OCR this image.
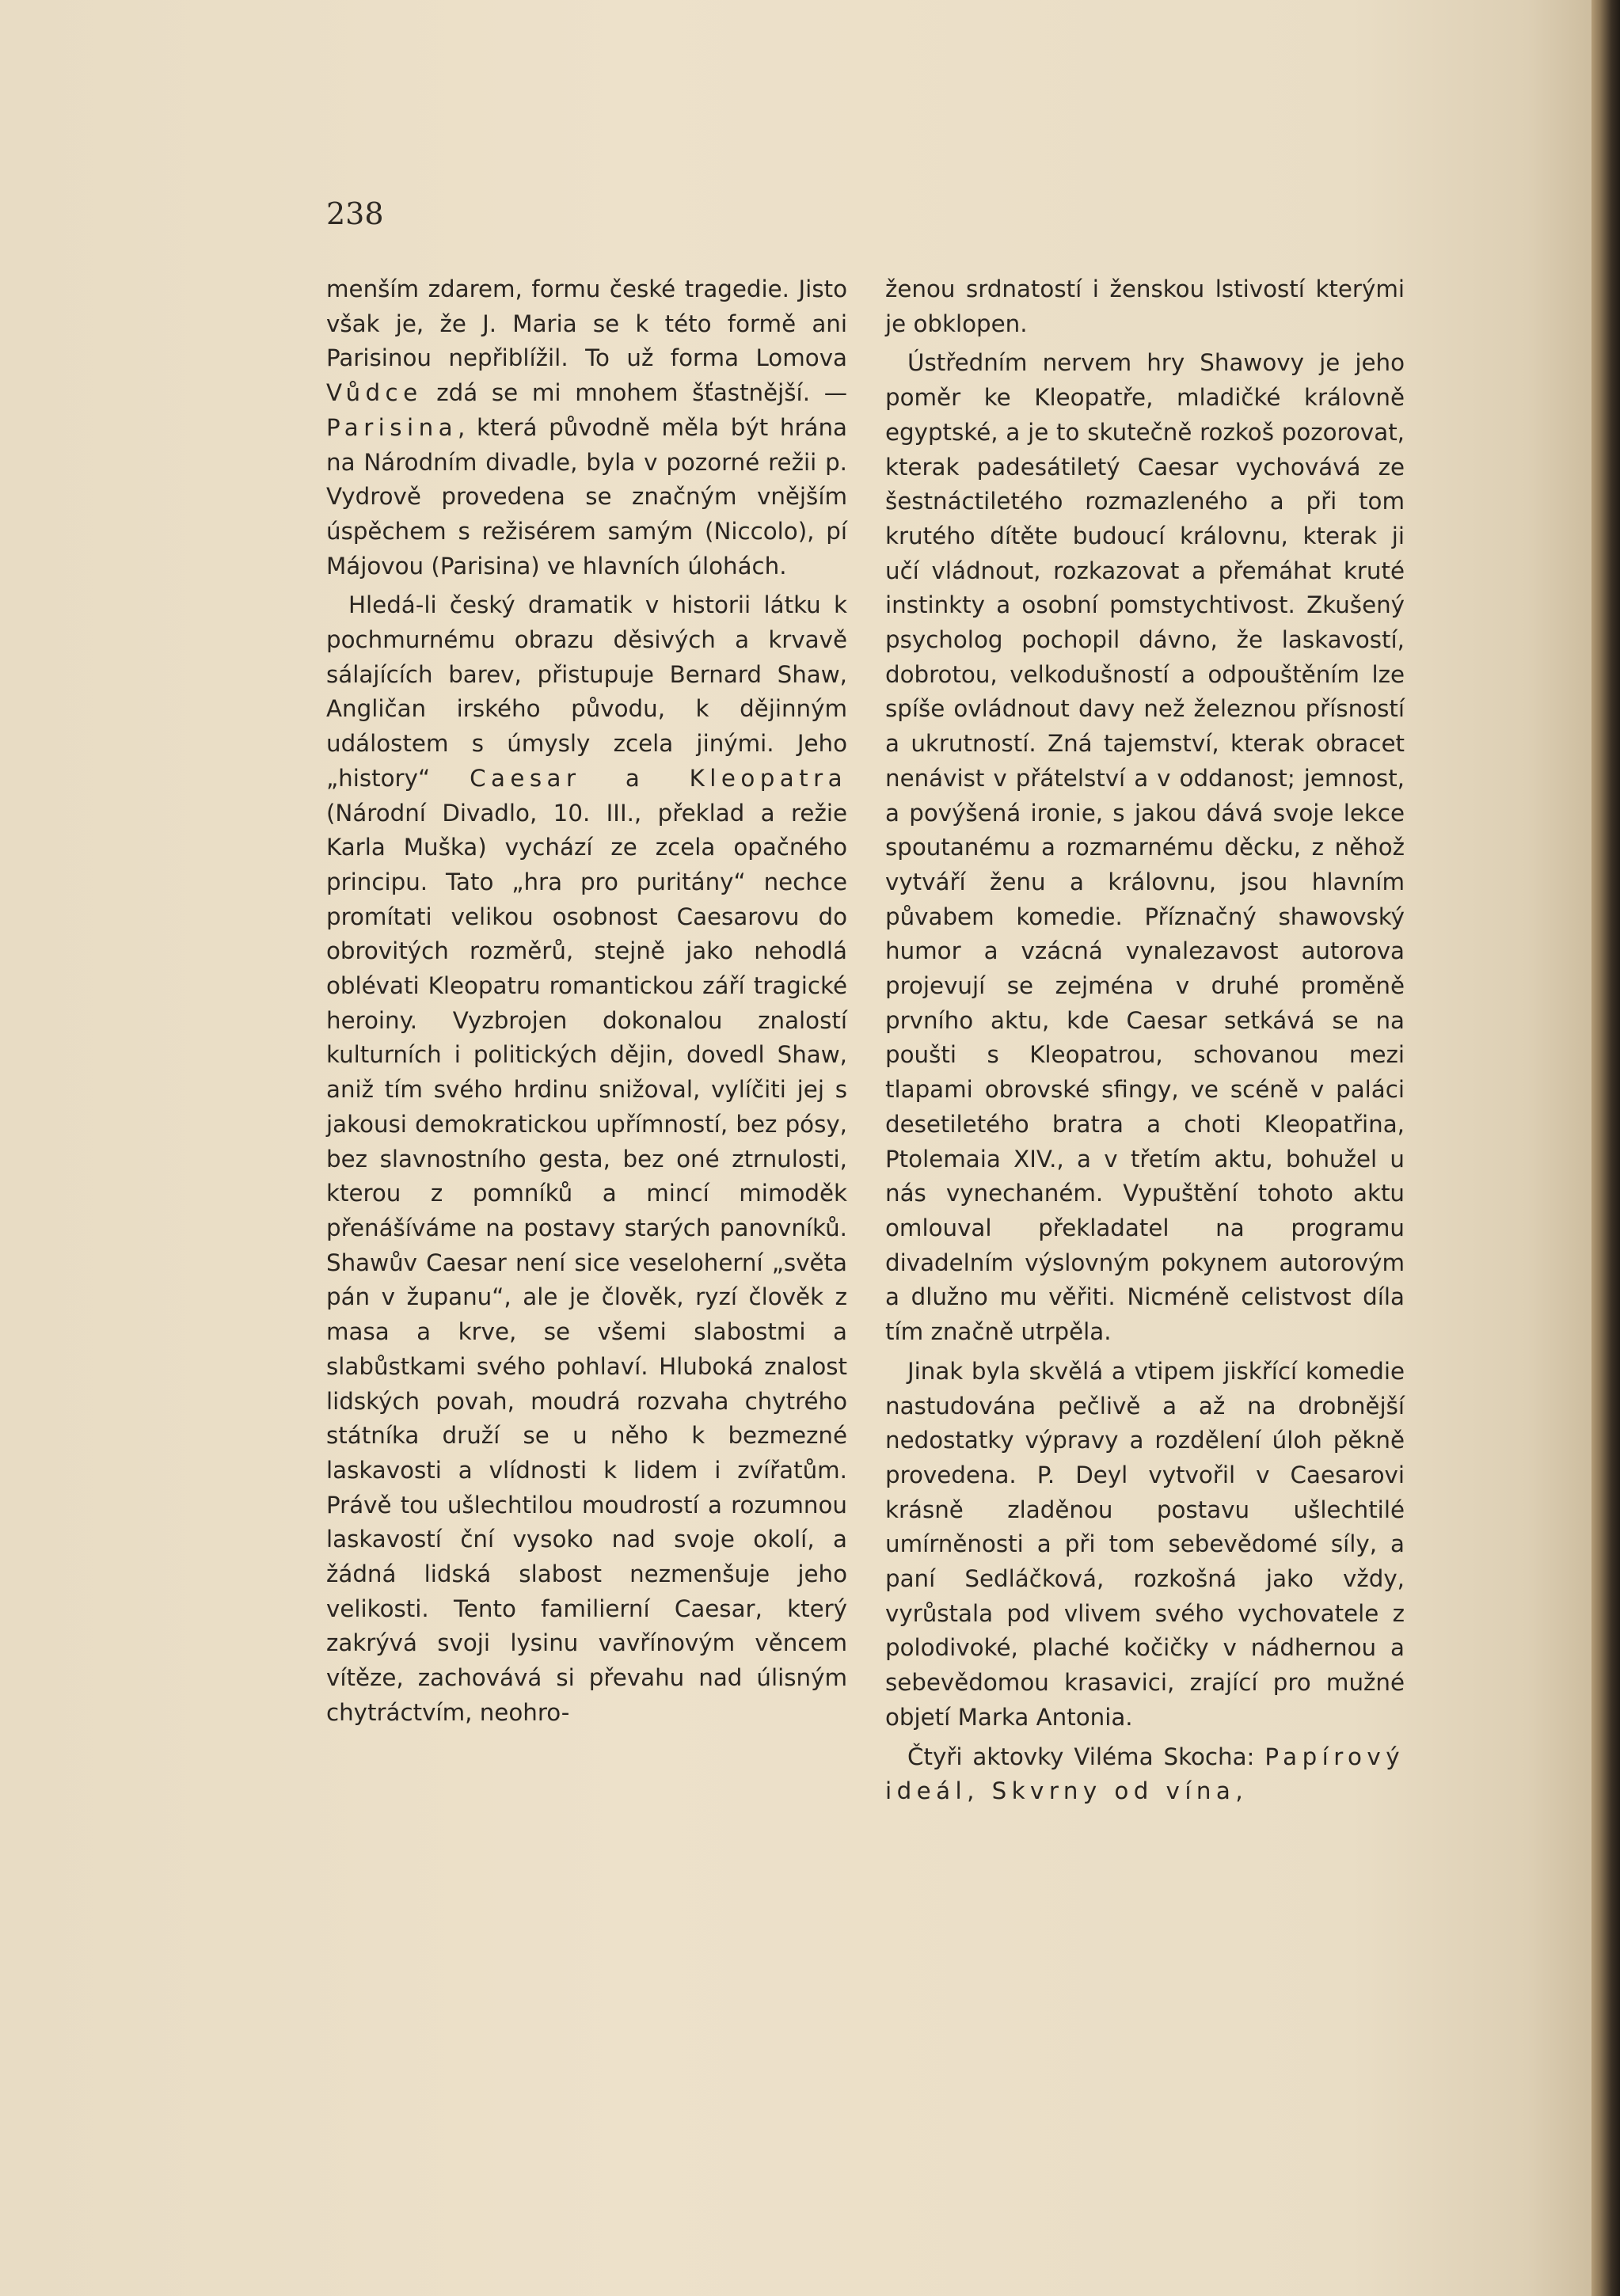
238

menším zdarem, formu české tragedie. Jisto však je, že J. Maria se k této formě ani Parisinou nepřiblížil. To už forma Lomova Vůdce zdá se mi mnohem šťastnější. — Parisina, která původně měla být hrána na Národním divadle, byla v pozorné režii p. Vydrově provedena se značným vnějším úspěchem s režisérem samým (Niccolo), pí Májovou (Parisina) ve hlavních úlohách.

Hledá-li český dramatik v historii látku k pochmurnému obrazu děsivých a krvavě sálajících barev, přistupuje Bernard Shaw, Angličan irského původu, k dějinným událostem s úmysly zcela jinými. Jeho „history“ Caesar a Kleopatra (Národní Divadlo, 10. III., překlad a režie Karla Muška) vychází ze zcela opačného principu. Tato „hra pro puritány“ nechce promítati velikou osobnost Caesarovu do obrovitých rozměrů, stejně jako nehodlá oblévati Kleopatru romantickou září tragické heroiny. Vyzbrojen dokonalou znalostí kulturních i politických dějin, dovedl Shaw, aniž tím svého hrdinu snižoval, vylíčiti jej s jakousi demokratickou upřímností, bez pósy, bez slavnostního gesta, bez oné ztrnulosti, kterou z pomníků a mincí mimoděk přenášíváme na postavy starých panovníků. Shawův Caesar není sice veseloherní „světa pán v županu“, ale je člověk, ryzí člověk z masa a krve, se všemi slabostmi a slabůstkami svého pohlaví. Hluboká znalost lidských povah, moudrá rozvaha chytrého státníka druží se u něho k bezmezné laskavosti a vlídnosti k lidem i zvířatům. Právě tou ušlechtilou moudrostí a rozumnou laskavostí ční vysoko nad svoje okolí, a žádná lidská slabost nezmenšuje jeho velikosti. Tento familierní Caesar, který zakrývá svoji lysinu vavřínovým věncem vítěze, zachovává si převahu nad úlisným chytráctvím, neohro-

ženou srdnatostí i ženskou lstivostí kterými je obklopen.

Ústředním nervem hry Shawovy je jeho poměr ke Kleopatře, mladičké královně egyptské, a je to skutečně rozkoš pozorovat, kterak padesátiletý Caesar vychovává ze šestnáctiletého rozmazleného a při tom krutého dítěte budoucí královnu, kterak ji učí vládnout, rozkazovat a přemáhat kruté instinkty a osobní pomstychtivost. Zkušený psycholog pochopil dávno, že laskavostí, dobrotou, velkodušností a odpouštěním lze spíše ovládnout davy než železnou přísností a ukrutností. Zná tajemství, kterak obracet nenávist v přátelství a v oddanost; jemnost, a povýšená ironie, s jakou dává svoje lekce spoutanému a rozmarnému děcku, z něhož vytváří ženu a královnu, jsou hlavním půvabem komedie. Příznačný shawovský humor a vzácná vynalezavost autorova projevují se zejména v druhé proměně prvního aktu, kde Caesar setkává se na poušti s Kleopatrou, schovanou mezi tlapami obrovské sfingy, ve scéně v paláci desetiletého bratra a choti Kleopatřina, Ptolemaia XIV., a v třetím aktu, bohužel u nás vynechaném. Vypuštění tohoto aktu omlouval překladatel na programu divadelním výslovným pokynem autorovým a dlužno mu věřiti. Nicméně celistvost díla tím značně utrpěla.

Jinak byla skvělá a vtipem jiskřící komedie nastudována pečlivě a až na drobnější nedostatky výpravy a rozdělení úloh pěkně provedena. P. Deyl vytvořil v Caesarovi krásně zladěnou postavu ušlechtilé umírněnosti a při tom sebevědomé síly, a paní Sedláčková, rozkošná jako vždy, vyrůstala pod vlivem svého vychovatele z polodivoké, plaché kočičky v nádhernou a sebevědomou krasavici, zrající pro mužné objetí Marka Antonia.

Čtyři aktovky Viléma Skocha: Papírový ideál, Skvrny od vína,
